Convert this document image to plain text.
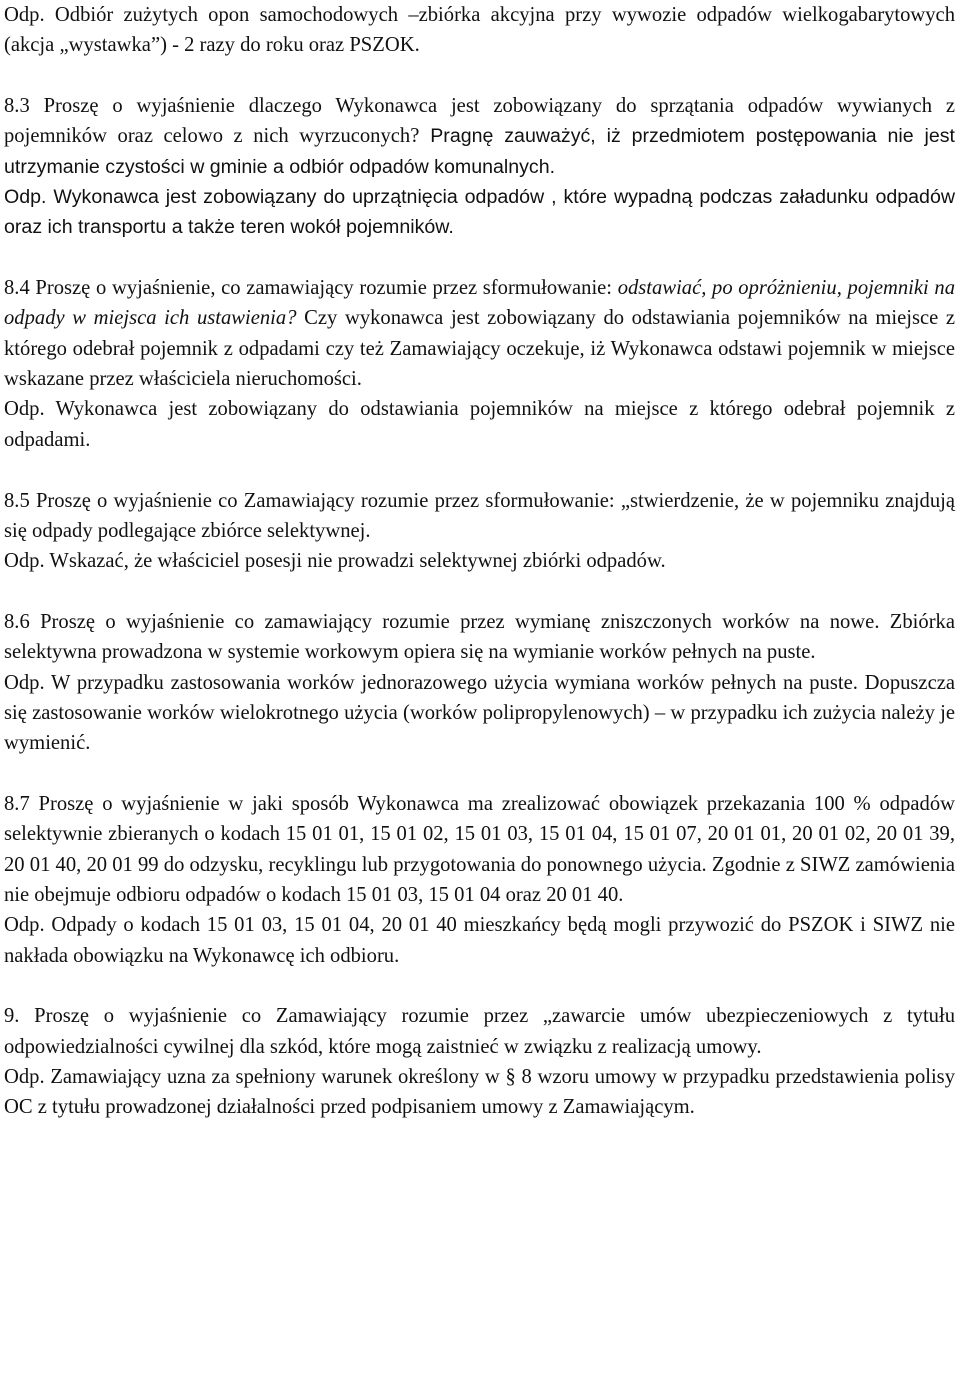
Odp. Odbiór zużytych opon samochodowych –zbiórka akcyjna przy wywozie odpadów wielkogabarytowych (akcja „wystawka”) - 2 razy do roku oraz PSZOK.

8.3 Proszę o wyjaśnienie dlaczego Wykonawca jest zobowiązany do sprzątania odpadów wywianych z pojemników oraz celowo z nich wyrzuconych? Pragnę zauważyć, iż przedmiotem postępowania nie jest utrzymanie czystości w gminie a odbiór odpadów komunalnych.

Odp. Wykonawca jest zobowiązany do uprzątnięcia odpadów , które wypadną podczas załadunku odpadów oraz ich transportu a także teren wokół pojemników.

8.4 Proszę o wyjaśnienie, co zamawiający rozumie przez sformułowanie: odstawiać, po opróżnieniu, pojemniki na odpady w miejsca ich ustawienia? Czy wykonawca jest zobowiązany do odstawiania pojemników na miejsce z którego odebrał pojemnik z odpadami czy też Zamawiający oczekuje, iż Wykonawca odstawi pojemnik w miejsce wskazane przez właściciela nieruchomości.

Odp. Wykonawca jest zobowiązany do odstawiania pojemników na miejsce z którego odebrał pojemnik z odpadami.

8.5 Proszę o wyjaśnienie co Zamawiający rozumie przez sformułowanie: „stwierdzenie, że w pojemniku znajdują się odpady podlegające zbiórce selektywnej.

Odp. Wskazać, że właściciel posesji nie prowadzi selektywnej zbiórki odpadów.

8.6 Proszę o wyjaśnienie co zamawiający rozumie przez wymianę zniszczonych worków na nowe. Zbiórka selektywna prowadzona w systemie workowym opiera się na wymianie worków pełnych na puste.

Odp. W przypadku zastosowania worków jednorazowego użycia wymiana worków pełnych na puste. Dopuszcza się zastosowanie worków wielokrotnego użycia (worków polipropylenowych) – w przypadku ich zużycia należy je wymienić.

8.7 Proszę o wyjaśnienie w jaki sposób Wykonawca ma zrealizować obowiązek przekazania 100 % odpadów selektywnie zbieranych o kodach 15 01 01, 15 01 02, 15 01 03, 15 01 04, 15 01 07, 20 01 01, 20 01 02, 20 01 39, 20 01 40, 20 01 99 do odzysku, recyklingu lub przygotowania do ponownego użycia. Zgodnie z SIWZ zamówienia nie obejmuje odbioru odpadów o kodach 15 01 03, 15 01 04 oraz 20 01 40.

Odp. Odpady o kodach 15 01 03, 15 01 04, 20 01 40 mieszkańcy będą mogli przywozić do PSZOK i SIWZ nie nakłada obowiązku na Wykonawcę ich odbioru.

9. Proszę o wyjaśnienie co Zamawiający rozumie przez „zawarcie umów ubezpieczeniowych z tytułu odpowiedzialności cywilnej dla szkód, które mogą zaistnieć w związku z realizacją umowy.

Odp. Zamawiający uzna za spełniony warunek określony w § 8 wzoru umowy w przypadku przedstawienia polisy OC z tytułu prowadzonej działalności przed podpisaniem umowy z Zamawiającym.
